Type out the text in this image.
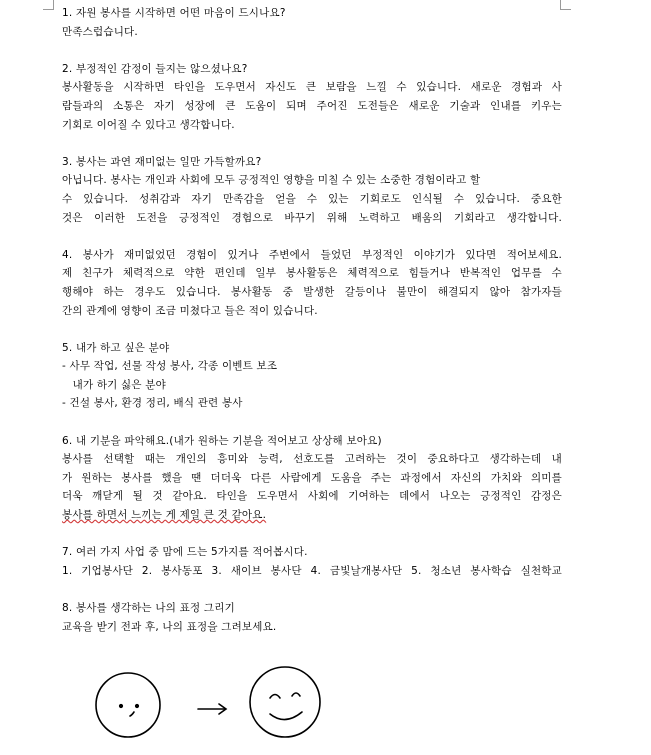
1. 자원 봉사를 시작하면 어떤 마음이 드시나요?

만족스럽습니다.

2. 부정적인 감정이 들지는 않으셨나요?

봉사활동을 시작하면 타인을 도우면서 자신도 큰 보람을 느낄 수 있습니다. 새로운 경험과 사

람들과의 소통은 자기 성장에 큰 도움이 되며 주어진 도전들은 새로운 기술과 인내를 키우는

기회로 이어질 수 있다고 생각합니다.

3. 봉사는 과연 재미없는 일만 가득할까요?

아닙니다. 봉사는 개인과 사회에 모두 긍정적인 영향을 미칠 수 있는 소중한 경험이라고 할

수 있습니다. 성취감과 자기 만족감을 얻을 수 있는 기회로도 인식될 수 있습니다. 중요한

것은 이러한 도전을 긍정적인 경험으로 바꾸기 위해 노력하고 배움의 기회라고 생각합니다.

4. 봉사가 재미없었던 경험이 있거나 주변에서 들었던 부정적인 이야기가 있다면 적어보세요.

제 친구가 체력적으로 약한 편인데 일부 봉사활동은 체력적으로 힘들거나 반복적인 업무를 수

행해야 하는 경우도 있습니다. 봉사활동 중 발생한 갈등이나 불만이 해결되지 않아 참가자들

간의 관계에 영향이 조금 미쳤다고 들은 적이 있습니다.

5. 내가 하고 싶은 분야

- 사무 작업, 선물 작성 봉사, 각종 이벤트 보조

내가 하기 싫은 분야

- 건설 봉사, 환경 정리, 배식 관련 봉사

6. 내 기분을 파악해요.(내가 원하는 기분을 적어보고 상상해 보아요)

봉사를 선택할 때는 개인의 흥미와 능력, 선호도를 고려하는 것이 중요하다고 생각하는데 내

가 원하는 봉사를 했을 땐 더더욱 다른 사람에게 도움을 주는 과정에서 자신의 가치와 의미를

더욱 깨닫게 될 것 같아요. 타인을 도우면서 사회에 기여하는 데에서 나오는 긍정적인 감정은

봉사를 하면서 느끼는 게 제일 큰 것 같아요.

7. 여러 가지 사업 중 맘에 드는 5가지를 적어봅시다.

1. 기업봉사단 2. 봉사동포 3. 새이브 봉사단 4. 금빛날개봉사단 5. 청소년 봉사학습 실천학교

8. 봉사를 생각하는 나의 표정 그리기

교육을 받기 전과 후, 나의 표정을 그려보세요.
